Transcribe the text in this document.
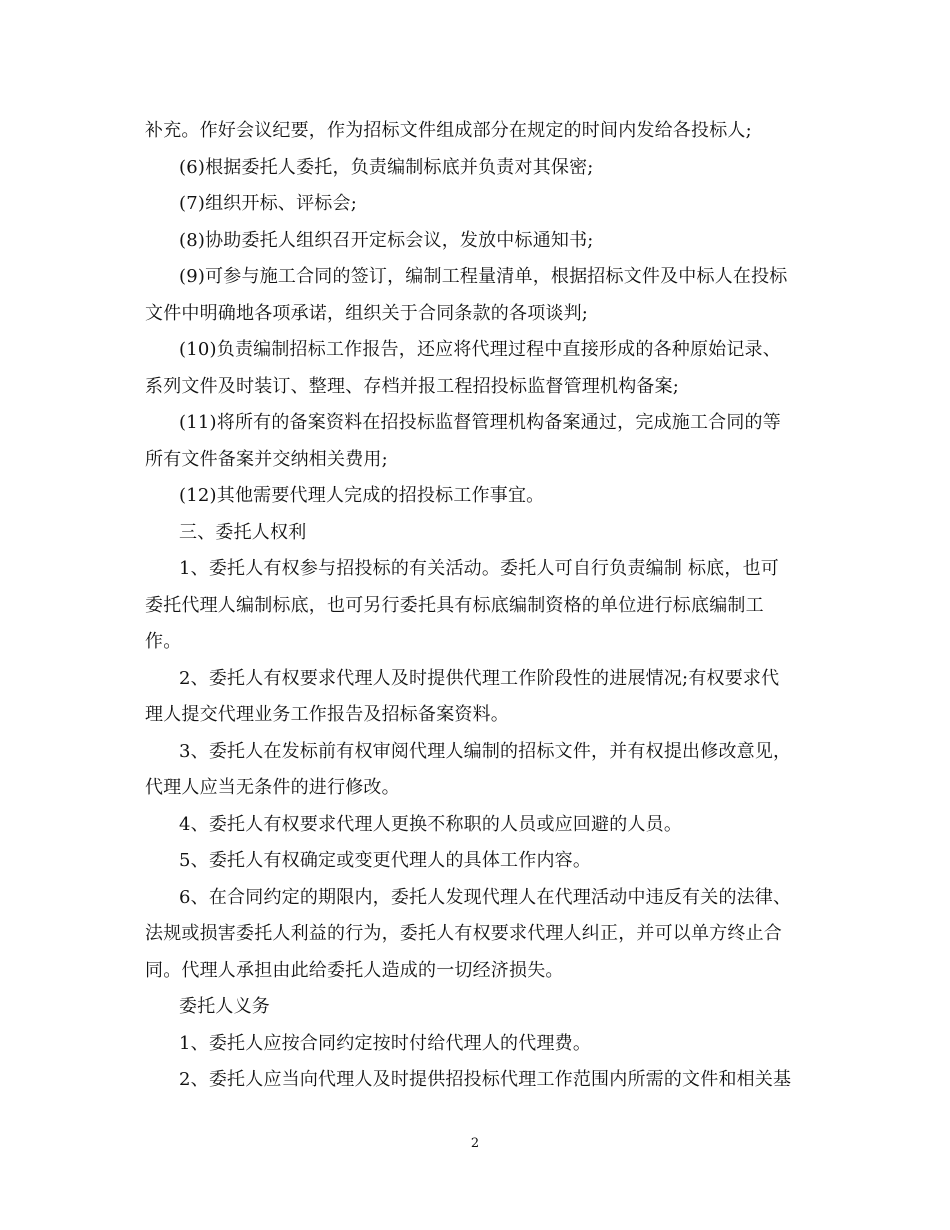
补充。作好会议纪要，作为招标文件组成部分在规定的时间内发给各投标人;
(6)根据委托人委托，负责编制标底并负责对其保密;
(7)组织开标、评标会;
(8)协助委托人组织召开定标会议，发放中标通知书;
(9)可参与施工合同的签订，编制工程量清单，根据招标文件及中标人在投标
文件中明确地各项承诺，组织关于合同条款的各项谈判;
(10)负责编制招标工作报告，还应将代理过程中直接形成的各种原始记录、
系列文件及时装订、整理、存档并报工程招投标监督管理机构备案;
(11)将所有的备案资料在招投标监督管理机构备案通过，完成施工合同的等
所有文件备案并交纳相关费用;
(12)其他需要代理人完成的招投标工作事宜。
三、委托人权利
1、委托人有权参与招投标的有关活动。委托人可自行负责编制 标底，也可
委托代理人编制标底，也可另行委托具有标底编制资格的单位进行标底编制工
作。
2、委托人有权要求代理人及时提供代理工作阶段性的进展情况;有权要求代
理人提交代理业务工作报告及招标备案资料。
3、委托人在发标前有权审阅代理人编制的招标文件，并有权提出修改意见，
代理人应当无条件的进行修改。
4、委托人有权要求代理人更换不称职的人员或应回避的人员。
5、委托人有权确定或变更代理人的具体工作内容。
6、在合同约定的期限内，委托人发现代理人在代理活动中违反有关的法律、
法规或损害委托人利益的行为，委托人有权要求代理人纠正，并可以单方终止合
同。代理人承担由此给委托人造成的一切经济损失。
委托人义务
1、委托人应按合同约定按时付给代理人的代理费。
2、委托人应当向代理人及时提供招投标代理工作范围内所需的文件和相关基
2
